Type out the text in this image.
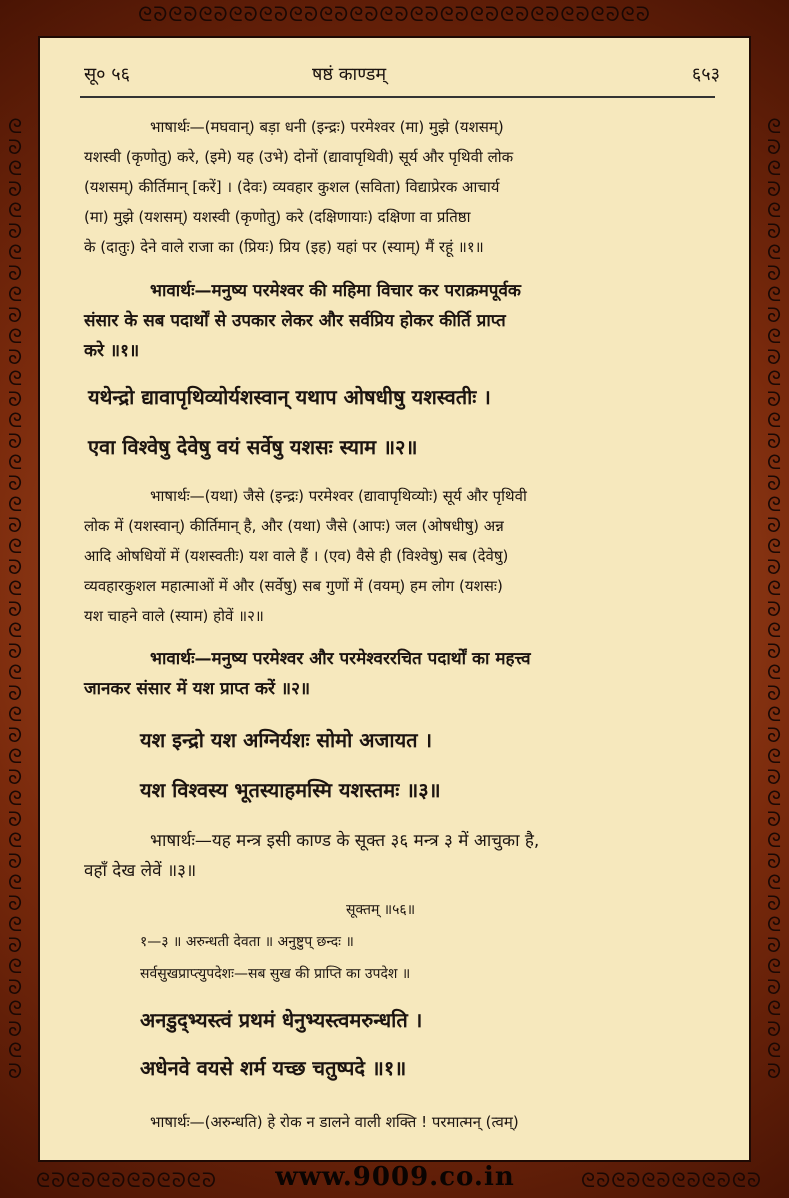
ᘓᘐᘓᘐᘓᘐᘓᘐᘓᘐᘓᘐᘓᘐᘓᘐᘓᘐᘓᘐᘓᘐᘓᘐᘓᘐᘓᘐᘓᘐᘓᘐᘓᘐ
ᘓᘐᘓᘐᘓᘐᘓᘐᘓᘐᘓᘐᘓᘐᘓᘐᘓᘐᘓᘐᘓᘐᘓᘐᘓᘐᘓᘐᘓᘐᘓᘐᘓᘐᘓᘐᘓᘐᘓᘐᘓᘐᘓᘐᘓᘐ	ᘓᘐᘓᘐᘓᘐᘓᘐᘓᘐᘓᘐᘓᘐᘓᘐᘓᘐᘓᘐᘓᘐᘓᘐᘓᘐᘓᘐᘓᘐᘓᘐᘓᘐᘓᘐᘓᘐᘓᘐᘓᘐᘓᘐᘓᘐ
ᘓᘐᘓᘐᘓᘐᘓᘐᘓᘐᘓᘐ	ᘓᘐᘓᘐᘓᘐᘓᘐᘓᘐᘓᘐ
www.9009.co.in
सू० ५६	षष्ठं काण्डम्	६५३
भाषार्थः—(मघवान्) बड़ा धनी (इन्द्रः) परमेश्वर (मा) मुझे (यशसम्)
यशस्वी (कृणोतु) करे, (इमे) यह (उभे) दोनों (द्यावापृथिवी) सूर्य और पृथिवी लोक
(यशसम्) कीर्तिमान् [करें] । (देवः) व्यवहार कुशल (सविता) विद्याप्रेरक आचार्य
(मा) मुझे (यशसम्) यशस्वी (कृणोतु) करे (दक्षिणायाः) दक्षिणा वा प्रतिष्ठा
के (दातुः) देने वाले राजा का (प्रियः) प्रिय (इह) यहां पर (स्याम्) मैं रहूं ॥१॥
भावार्थः—मनुष्य परमेश्वर की महिमा विचार कर पराक्रमपूर्वक
संसार के सब पदार्थों से उपकार लेकर और सर्वप्रिय होकर कीर्ति प्राप्त
करे ॥१॥
यथेन्द्रो द्यावापृथिव्योर्यशस्वान् यथाप ओषधीषु यशस्वतीः ।
एवा विश्वेषु देवेषु वयं सर्वेषु यशसः स्याम ॥२॥
भाषार्थः—(यथा) जैसे (इन्द्रः) परमेश्वर (द्यावापृथिव्योः) सूर्य और पृथिवी
लोक में (यशस्वान्) कीर्तिमान् है, और (यथा) जैसे (आपः) जल (ओषधीषु) अन्न
आदि ओषधियों में (यशस्वतीः) यश वाले हैं । (एव) वैसे ही (विश्वेषु) सब (देवेषु)
व्यवहारकुशल महात्माओं में और (सर्वेषु) सब गुणों में (वयम्) हम लोग (यशसः)
यश चाहने वाले (स्याम) होवें ॥२॥
भावार्थः—मनुष्य परमेश्वर और परमेश्वररचित पदार्थों का महत्त्व
जानकर संसार में यश प्राप्त करें ॥२॥
यश इन्द्रो यश अग्निर्यशः सोमो अजायत ।
यश विश्वस्य भूतस्याहमस्मि यशस्तमः ॥३॥
भाषार्थः—यह मन्त्र इसी काण्ड के सूक्त ३६ मन्त्र ३ में आचुका है,
वहाँ देख लेवें ॥३॥
सूक्तम् ॥५६॥
१—३ ॥ अरुन्धती देवता ॥ अनुष्टुप् छन्दः ॥
सर्वसुखप्राप्त्युपदेशः—सब सुख की प्राप्ति का उपदेश ॥
अनडुद्भ्यस्त्वं प्रथमं धेनुभ्यस्त्वमरुन्धति ।
अधेनवे वयसे शर्म यच्छ चतुष्पदे ॥१॥
भाषार्थः—(अरुन्धति) हे रोक न डालने वाली शक्ति ! परमात्मन् (त्वम्)
